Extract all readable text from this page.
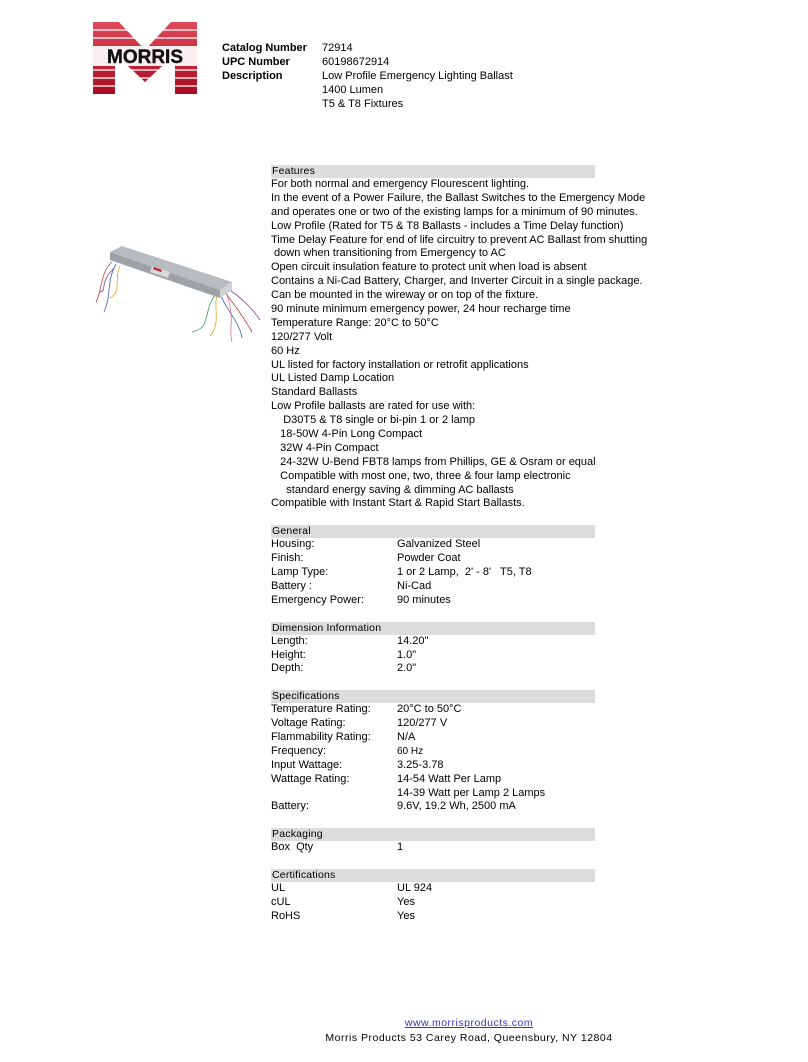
MORRIS	Catalog Number	72914
UPC Number	60198672914
Description	Low Profile Emergency Lighting Ballast
1400 Lumen
T5 & T8 Fixtures
Features
For both normal and emergency Flourescent lighting.
In the event of a Power Failure, the Ballast Switches to the Emergency Mode
and operates one or two of the existing lamps for a minimum of 90 minutes.
Low Profile (Rated for T5 & T8 Ballasts - includes a Time Delay function)
Time Delay Feature for end of life circuitry to prevent AC Ballast from shutting
down when transitioning from Emergency to AC
Open circuit insulation feature to protect unit when load is absent
Contains a Ni-Cad Battery, Charger, and Inverter Circuit in a single package.
Can be mounted in the wireway or on top of the fixture.
90 minute minimum emergency power, 24 hour recharge time
Temperature Range: 20°C to 50°C
120/277 Volt
60 Hz
UL listed for factory installation or retrofit applications
UL Listed Damp Location
Standard Ballasts
Low Profile ballasts are rated for use with:
D30T5 & T8 single or bi-pin 1 or 2 lamp
18-50W 4-Pin Long Compact
32W 4-Pin Compact
24-32W U-Bend FBT8 lamps from Phillips, GE & Osram or equal
Compatible with most one, two, three & four lamp electronic
standard energy saving & dimming AC ballasts
Compatible with Instant Start & Rapid Start Ballasts.
General
Housing:	Galvanized Steel
Finish:	Powder Coat
Lamp Type:	1 or 2 Lamp,  2' - 8'   T5, T8
Battery :	Ni-Cad
Emergency Power:	90 minutes
Dimension Information
Length:	14.20"
Height:	1.0"
Depth:	2.0"
Specifications
Temperature Rating:	20°C to 50°C
Voltage Rating:	120/277 V
Flammability Rating:	N/A
Frequency:	60 Hz
Input Wattage:	3.25-3.78
Wattage Rating:	14-54 Watt Per Lamp
14-39 Watt per Lamp 2 Lamps
Battery:	9.6V, 19.2 Wh, 2500 mA
Packaging
Box  Qty	1
Certifications
UL	UL 924
cUL	Yes
RoHS	Yes
www.morrisproducts.com
Morris Products 53 Carey Road, Queensbury, NY 12804
